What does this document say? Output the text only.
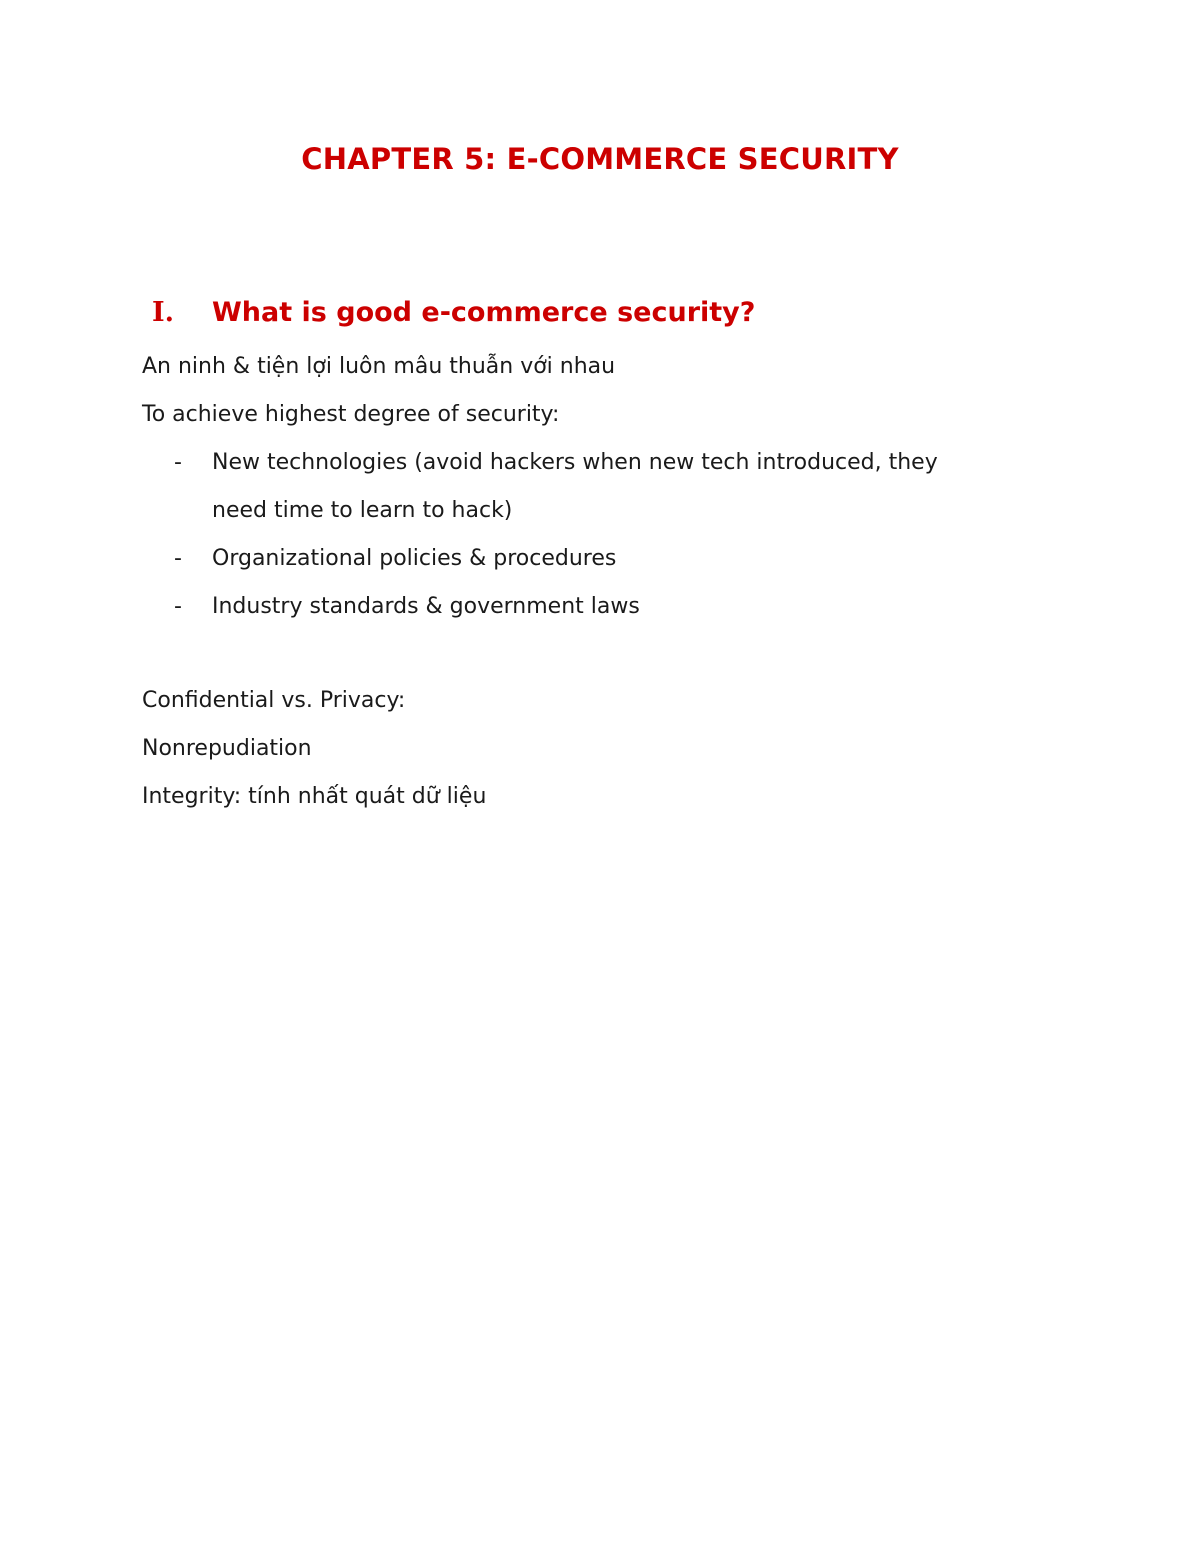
CHAPTER 5: E-COMMERCE SECURITY
I.	What is good e-commerce security?
An ninh & tiện lợi luôn mâu thuẫn với nhau
To achieve highest degree of security:
- New technologies (avoid hackers when new tech introduced, they
need time to learn to hack)
- Organizational policies & procedures
- Industry standards & government laws
Confidential vs. Privacy:
Nonrepudiation
Integrity: tính nhất quát dữ liệu
